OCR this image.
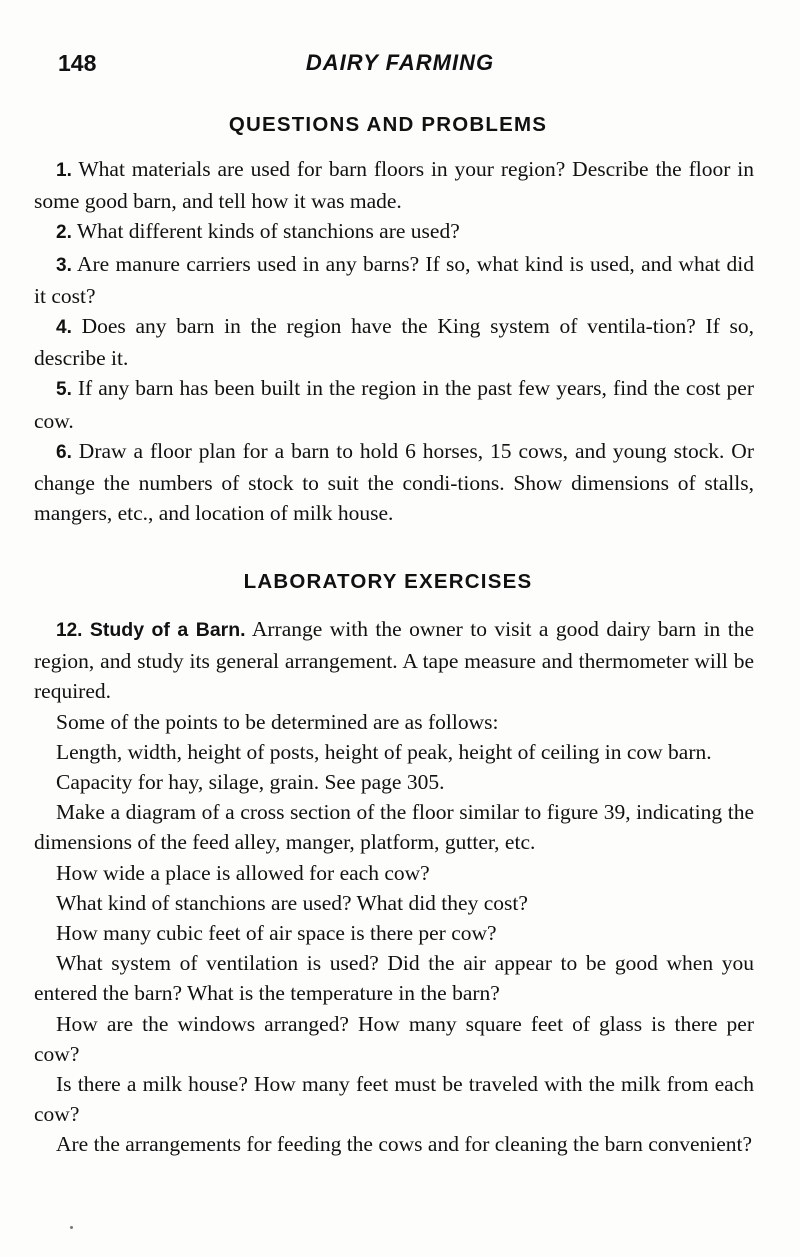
148	DAIRY FARMING
QUESTIONS AND PROBLEMS

1. What materials are used for barn floors in your region? Describe the floor in some good barn, and tell how it was made.

2. What different kinds of stanchions are used?

3. Are manure carriers used in any barns? If so, what kind is used, and what did it cost?

4. Does any barn in the region have the King system of ventila-tion? If so, describe it.

5. If any barn has been built in the region in the past few years, find the cost per cow.

6. Draw a floor plan for a barn to hold 6 horses, 15 cows, and young stock. Or change the numbers of stock to suit the condi-tions. Show dimensions of stalls, mangers, etc., and location of milk house.

LABORATORY EXERCISES

12. Study of a Barn. Arrange with the owner to visit a good dairy barn in the region, and study its general arrangement. A tape measure and thermometer will be required.

Some of the points to be determined are as follows:

Length, width, height of posts, height of peak, height of ceiling in cow barn.

Capacity for hay, silage, grain. See page 305.

Make a diagram of a cross section of the floor similar to figure 39, indicating the dimensions of the feed alley, manger, platform, gutter, etc.

How wide a place is allowed for each cow?

What kind of stanchions are used? What did they cost?

How many cubic feet of air space is there per cow?

What system of ventilation is used? Did the air appear to be good when you entered the barn? What is the temperature in the barn?

How are the windows arranged? How many square feet of glass is there per cow?

Is there a milk house? How many feet must be traveled with the milk from each cow?

Are the arrangements for feeding the cows and for cleaning the barn convenient?
